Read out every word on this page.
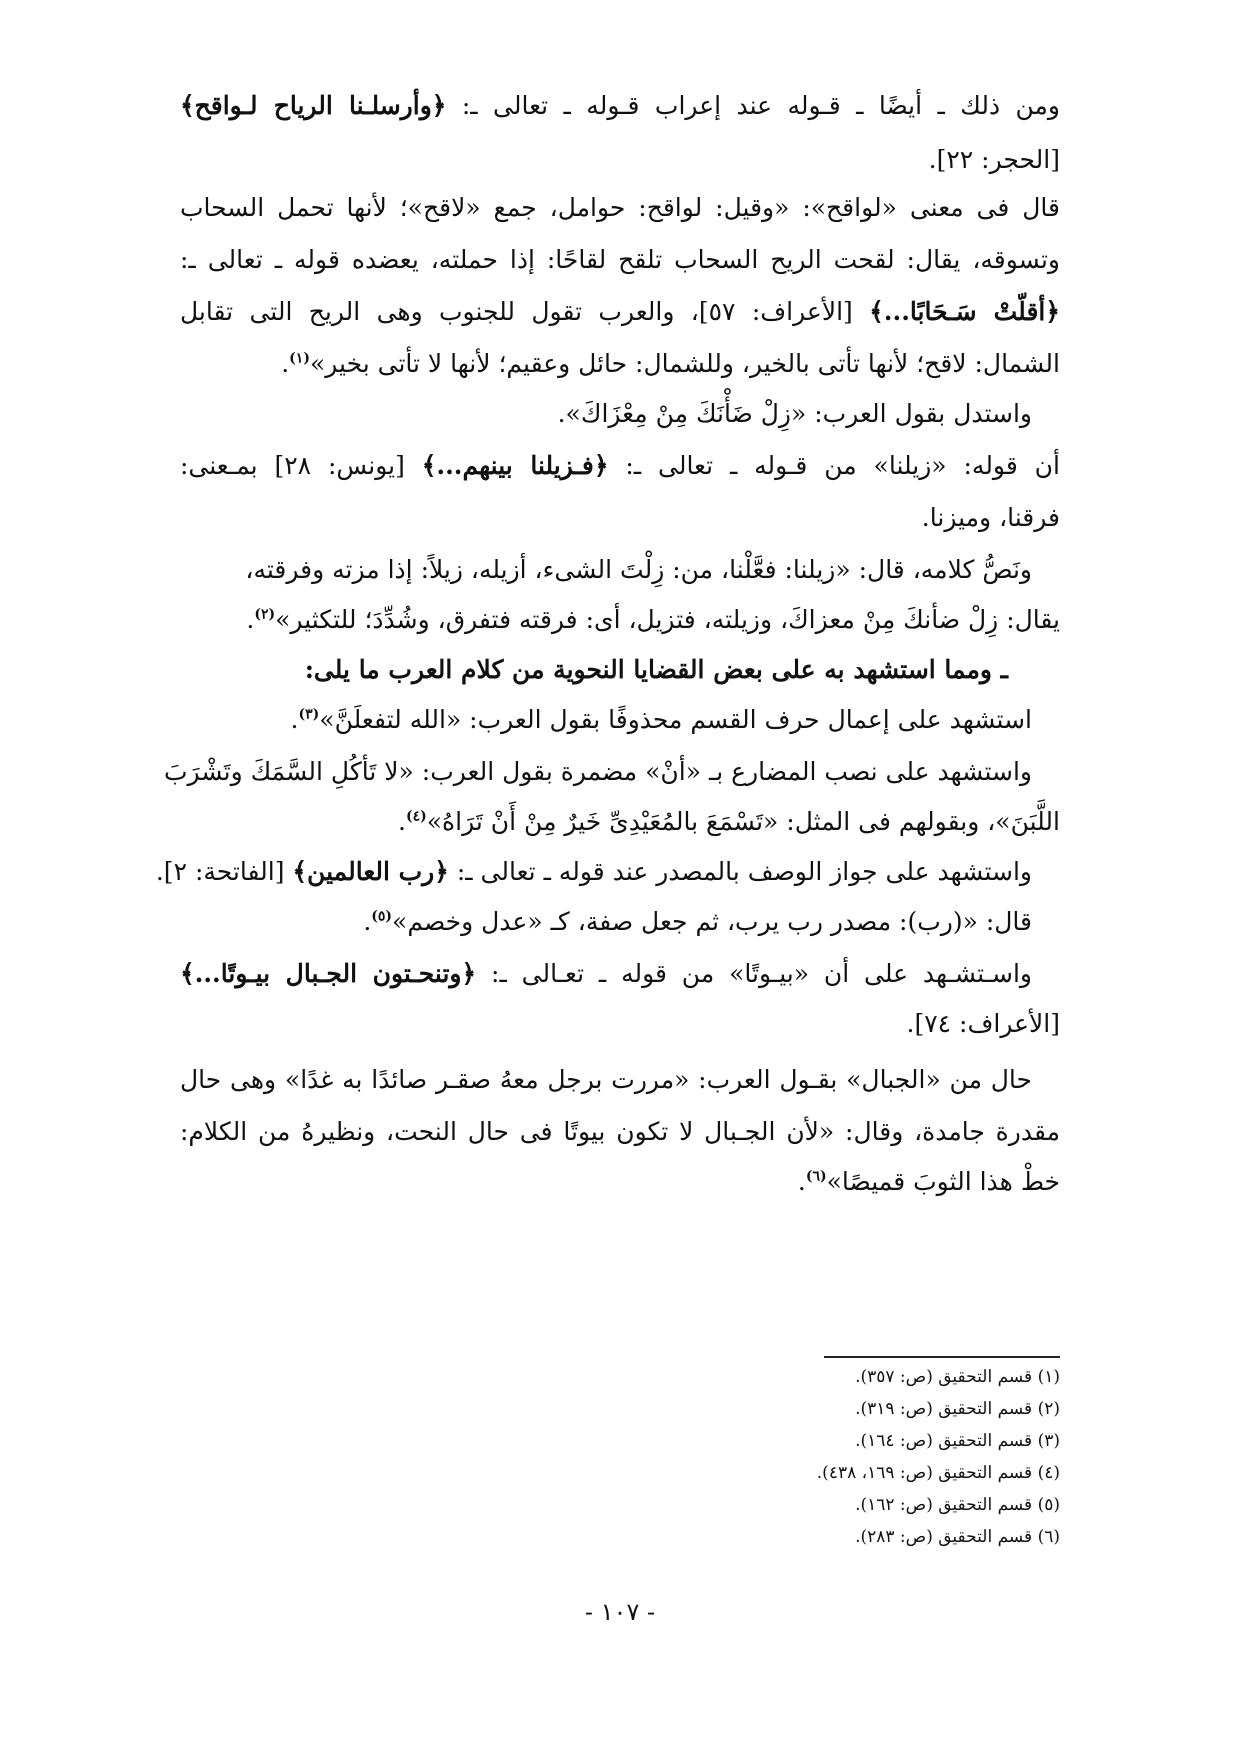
ومن ذلك ـ أيضًا ـ قـوله عند إعراب قـوله ـ تعالى ـ: ﴿وأرسلـنا الرياح لـواقح﴾
[الحجر: ٢٢].
قال فى معنى «لواقح»: «وقيل: لواقح: حوامل، جمع «لاقح»؛ لأنها تحمل السحاب
وتسوقه، يقال: لقحت الريح السحاب تلقح لقاحًا: إذا حملته، يعضده قوله ـ تعالى ـ:
﴿أقلّتْ سَـحَابًا...﴾ [الأعراف: ٥٧]، والعرب تقول للجنوب وهى الريح التى تقابل
الشمال: لاقح؛ لأنها تأتى بالخير، وللشمال: حائل وعقيم؛ لأنها لا تأتى بخير»$^{(١)}$.
واستدل بقول العرب: «زِلْ ضَأْنَكَ مِنْ مِعْزَاكَ».
أن قوله: «زيلنا» من قـوله ـ تعالى ـ: ﴿فـزيلنا بينهم...﴾ [يونس: ٢٨] بمـعنى:
فرقنا، وميزنا.
ونَصُّ كلامه، قال: «زيلنا: فعَّلْنا، من: زِلْتَ الشىء، أزيله، زيلاً: إذا مزته وفرقته،
يقال: زِلْ ضأنكَ مِنْ معزاكَ، وزيلته، فتزيل، أى: فرقته فتفرق، وشُدِّدَ؛ للتكثير»$^{(٢)}$.
ـ ومما استشهد به على بعض القضايا النحوية من كلام العرب ما يلى:
استشهد على إعمال حرف القسم محذوفًا بقول العرب: «الله لتفعلَنَّ»$^{(٣)}$.
واستشهد على نصب المضارع بـ «أنْ» مضمرة بقول العرب: «لا تَأكُلِ السَّمَكَ وتَشْرَبَ
اللَّبَنَ»، وبقولهم فى المثل: «تَسْمَعَ بالمُعَيْدِىِّ خَيرٌ مِنْ أَنْ تَرَاهُ»$^{(٤)}$.
واستشهد على جواز الوصف بالمصدر عند قوله ـ تعالى ـ: ﴿رب العالمين﴾ [الفاتحة: ٢].
قال: «(رب): مصدر رب يرب، ثم جعل صفة، كـ «عدل وخصم»$^{(٥)}$.
واسـتشـهد على أن «بيـوتًا» من قوله ـ تعـالى ـ: ﴿وتنحـتون الجـبال بيـوتًا...﴾
[الأعراف: ٧٤].
حال من «الجبال» بقـول العرب: «مررت برجل معهُ صقـر صائدًا به غدًا» وهى حال
مقدرة جامدة، وقال: «لأن الجـبال لا تكون بيوتًا فى حال النحت، ونظيرهُ من الكلام:
خطْ هذا الثوبَ قميصًا»$^{(٦)}$.
(١) قسم التحقيق (ص: ٣٥٧).
(٢) قسم التحقيق (ص: ٣١٩).
(٣) قسم التحقيق (ص: ١٦٤).
(٤) قسم التحقيق (ص: ١٦٩، ٤٣٨).
(٥) قسم التحقيق (ص: ١٦٢).
(٦) قسم التحقيق (ص: ٢٨٣).
- ١٠٧ -
